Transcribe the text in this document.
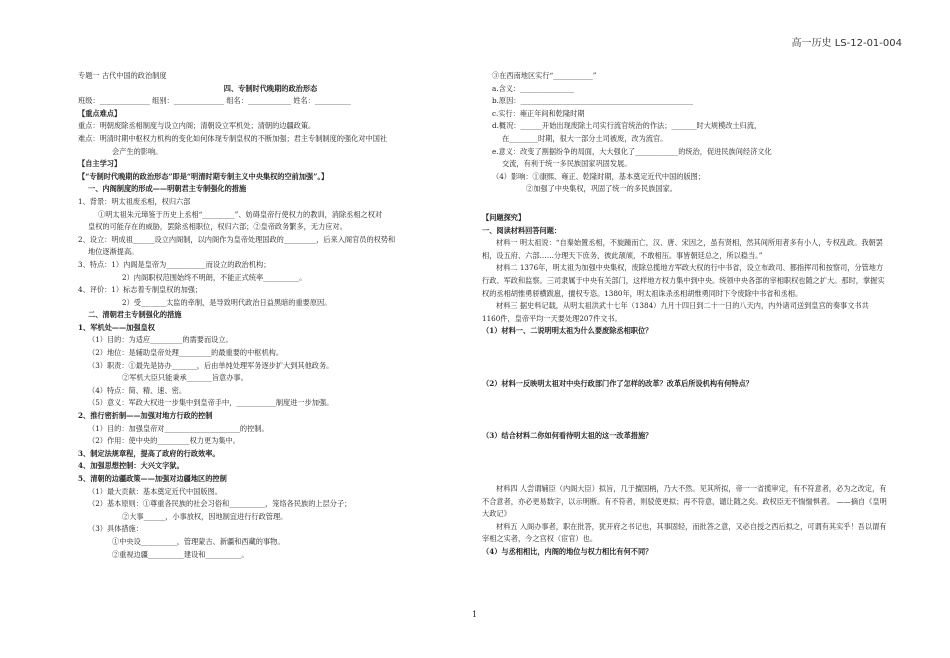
高一历史 LS-12-01-004
专题一 古代中国的政治制度
四、专制时代晚期的政治形态
班级：______________ 组别：______________ 组名：____________ 姓名：__________
【重点难点】
重点：明朝废除丞相制度与设立内阁；清朝设立军机处；清朝的边疆政策。
难点：明清时期中枢权力机构的变化如何体现专制皇权的不断加强；君主专制制度的强化对中国社
会产生的影响。
【自主学习】
【“专制时代晚期的政治形态”即是“明清时期专制主义中央集权的空前加强”。】
一、内阁制度的形成——明朝君主专制强化的措施
1、背景：明太祖废丞相，权归六部
①明太祖朱元璋鉴于历史上丞相“_________”、妨碍皇帝行使权力的教训，消除丞相之权对
皇权的可能存在的威胁，罢除丞相职位，权归六部；②皇帝政务繁多，无力应对。
2、设立：明成祖______设立内阁制，以内阁作为皇帝处理国政的_________，后来入阁官员的权势和
地位逐渐提高。
3、特点：1）内阁是皇帝为___________而设立的政治机构；
2）内阁职权范围始终不明朗，不能正式统率__________。
4、评价：1）标志着专制皇权的加强；
2）受_______太监的牵制，是导致明代政治日益黑暗的重要原因。
二、清朝君主专制强化的措施
1、军机处——加强皇权
（1）目的：为适应_________的需要而设立。
（2）地位：是辅助皇帝处理_________的最重要的中枢机构。
（3）职责：①最先是协办_______，后由单纯处理军务逐步扩大到其他政务。
②军机大臣只能秉承_______旨意办事。
（4）特点：简、精、速、密。
（5）意义：军政大权进一步集中到皇帝手中，___________制度进一步加强。
2、推行密折制——加强对地方行政的控制
（1）目的：加强皇帝对_____________________的控制。
（2）作用：使中央的_________权力更为集中。
3、制定法规章程，提高了政府的行政效率。
4、加强思想控制：大兴文字狱。
5、清朝的边疆政策——加强对边疆地区的控制
（1）最大贡献：基本奠定近代中国版图。
（2）基本原则：①尊重各民族的社会习俗和__________，笼络各民族的上层分子；
②大事______，小事放权，因地制宜进行行政管理。
（3）具体措施：
①中央设__________，管理蒙古、新疆和西藏的事物。
②重视边疆__________建设和__________。
③在西南地区实行“___________”
a.含义：_______________
b.原因：________________________________________________
c.实行：雍正年间和乾隆时期
d.概况：______开始出现废除土司实行流官统治的作法；_______时大规模改土归流，
在________时期，很大一部分土司被废，改为流官。
e.意义：改变了割据纷争的局面，大大强化了____________的统治，促进民族间经济文化
交流，有利于统一多民族国家巩固发展。
（4）影响：①康熙、雍正、乾隆时期，基本奠定近代中国的版图；
②加强了中央集权，巩固了统一的多民族国家。
【问题探究】
一、阅读材料回答问题：
材料一 明太祖说：“自秦始置丞相，不旋踵而亡，汉、唐、宋因之，虽有贤相，然其间所用者多有小人，专权乱政。我朝罢相，设五府、六部……分理天下庶务，彼此颉颃，不敢相压。事皆朝廷总之，所以稳当。”
材料二 1376年，明太祖为加强中央集权，废除总揽地方军政大权的行中书省，设立布政司、都指挥司和按察司，分管地方行政、军政和监察。三司隶属于中央有关部门，这样地方权力集中到中央。统领中央各部的宰相职权也随之扩大。那时，掌握实权的丞相胡惟勇骄横跋扈，擅权专恣。1380年，明太祖诛杀丞相胡惟勇同时下令废除中书省和丞相。
材料三 据史料记载，从明太祖洪武十七年（1384）九月十四日到二十一日的八天内，内外诸司送到皇宫的奏事文书共1160件，皇帝平均一天要处理207件文书。
（1）材料一、二说明明太祖为什么要废除丞相职位？
（2）材料一反映明太祖对中央行政部门作了怎样的改革？改革后所设机构有何特点？
（3）结合材料二你如何看待明太祖的这一改革措施？
材料四 人尝谓辅臣（内阁大臣）拟旨，几于擅国柄，乃大不然。见其所拟，帝一一省揽审定，有不符意者，必为之改定，有不合意者，亦必更易数字，以示明断。有不符者，则驳使更拟；再不符意，谴让随之矣。政权臣无不惴惴惧者。 ——摘自《皇明大政记》
材料五 入阁办事者，职在批答，犹开府之书记也，其事固轻，而批答之意，又必自授之西后拟之，可谓有其实乎！吾以谓有宰相之实者，今之宫权（宦官）也。
（4）与丞相相比，内阁的地位与权力相比有何不同？
1
